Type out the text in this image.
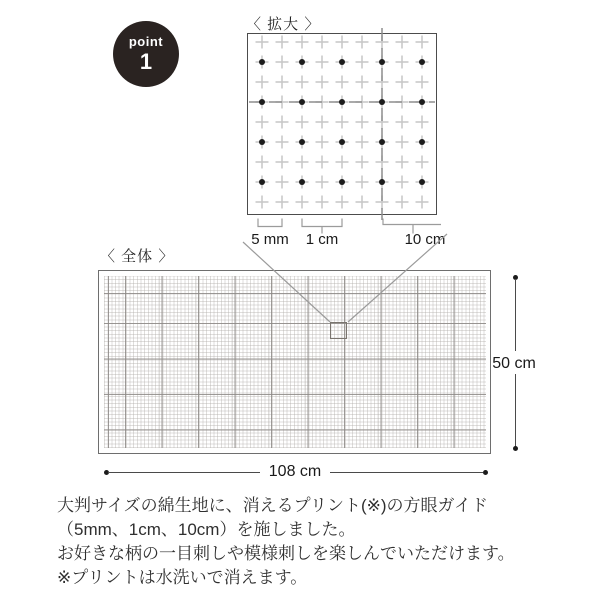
point
1
〈 拡大 〉
5 mm	1 cm	10 cm
〈 全体 〉
50 cm
108 cm
大判サイズの綿生地に、消えるプリント(※)の方眼ガイド
（5mm、1cm、10cm）を施しました。
お好きな柄の一目刺しや模様刺しを楽しんでいただけます。
※プリントは水洗いで消えます。
